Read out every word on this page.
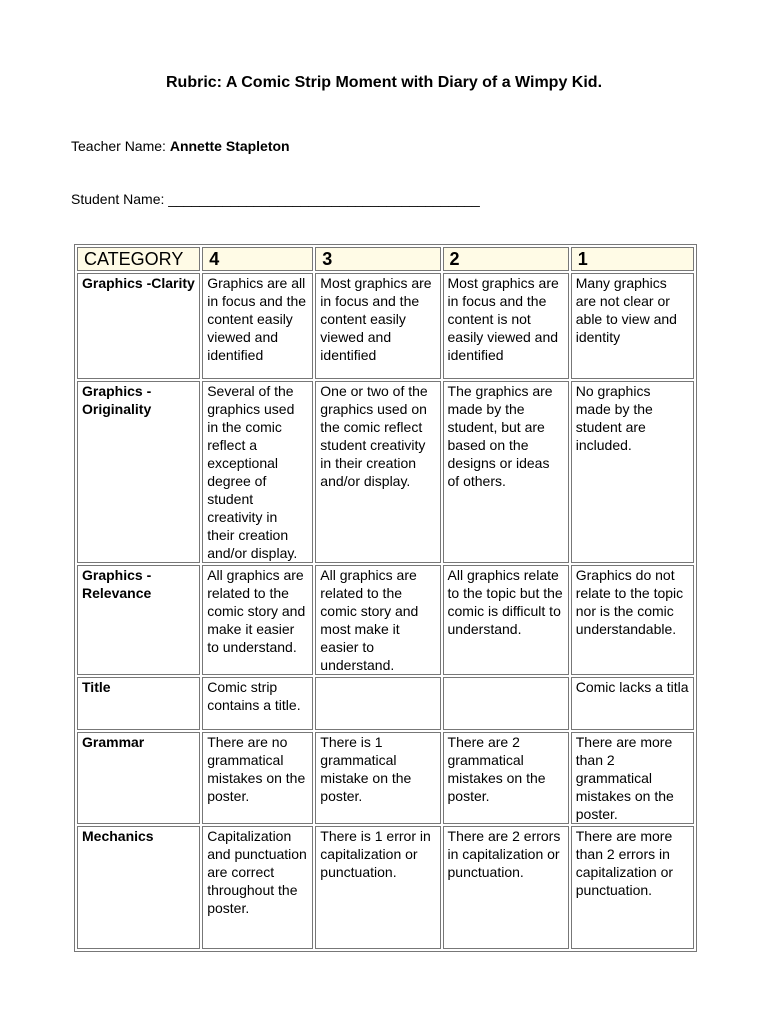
Rubric: A Comic Strip Moment with Diary of a Wimpy Kid.
Teacher Name: Annette Stapleton
Student Name: ________________________________________
CATEGORY	4	3	2	1
Graphics -Clarity	Graphics are all in focus and the content easily viewed and identified	Most graphics are in focus and the content easily viewed and identified	Most graphics are in focus and the content is not easily viewed and identified	Many graphics are not clear or able to view and identity
Graphics - Originality	Several of the graphics used in the comic reflect a exceptional degree of student creativity in their creation and/or display.	One or two of the graphics used on the comic reflect student creativity in their creation and/or display.	The graphics are made by the student, but are based on the designs or ideas of others.	No graphics made by the student are included.
Graphics - Relevance	All graphics are related to the comic story and make it easier to understand.	All graphics are related to the comic story and most make it easier to understand.	All graphics relate to the topic but the comic is difficult to understand.	Graphics do not relate to the topic nor is the comic understandable.
Title	Comic strip contains a title.			Comic lacks a titla
Grammar	There are no grammatical mistakes on the poster.	There is 1 grammatical mistake on the poster.	There are 2 grammatical mistakes on the poster.	There are more than 2 grammatical mistakes on the poster.
Mechanics	Capitalization and punctuation are correct throughout the poster.	There is 1 error in capitalization or punctuation.	There are 2 errors in capitalization or punctuation.	There are more than 2 errors in capitalization or punctuation.
